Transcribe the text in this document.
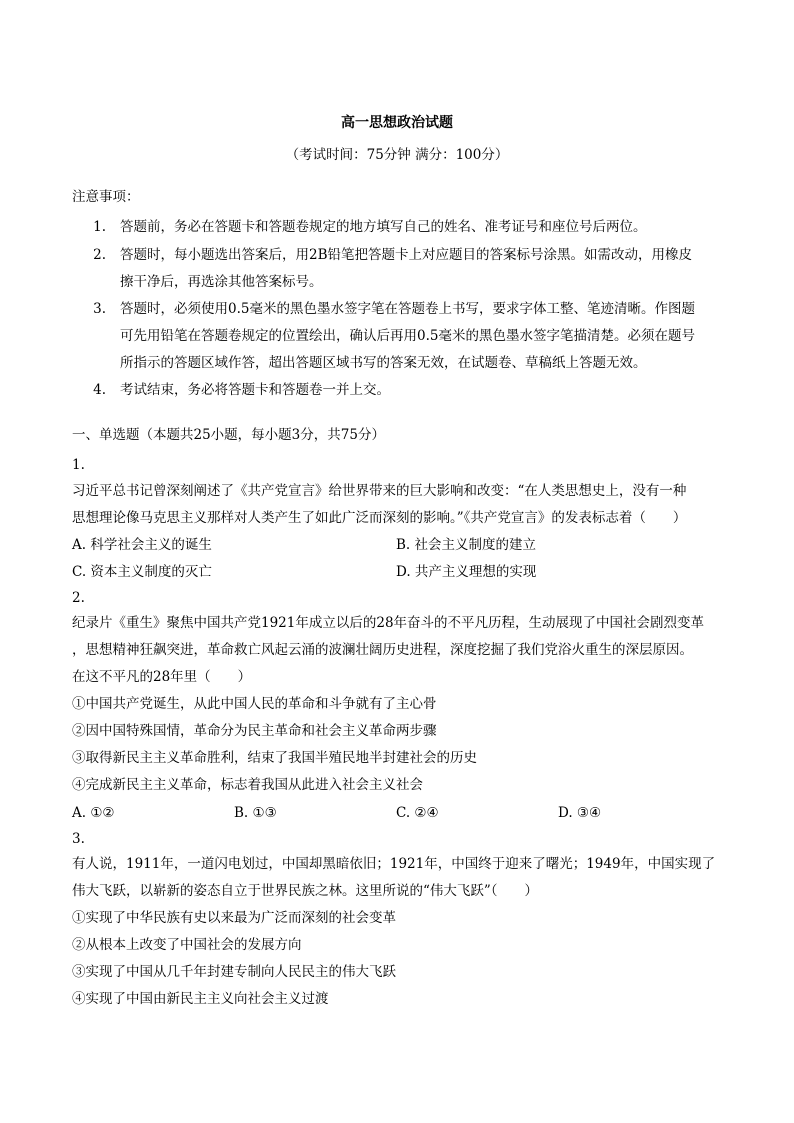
高一思想政治试题
（考试时间：75分钟 满分：100分）
注意事项：
1. 答题前，务必在答题卡和答题卷规定的地方填写自己的姓名、准考证号和座位号后两位。
2. 答题时，每小题选出答案后，用2B铅笔把答题卡上对应题目的答案标号涂黑。如需改动，用橡皮
擦干净后，再选涂其他答案标号。
3. 答题时，必须使用0.5毫米的黑色墨水签字笔在答题卷上书写，要求字体工整、笔迹清晰。作图题
可先用铅笔在答题卷规定的位置绘出，确认后再用0.5毫米的黑色墨水签字笔描清楚。必须在题号
所指示的答题区域作答，超出答题区域书写的答案无效，在试题卷、草稿纸上答题无效。
4. 考试结束，务必将答题卡和答题卷一并上交。
一、单选题（本题共25小题，每小题3分，共75分）
1.
习近平总书记曾深刻阐述了《共产党宣言》给世界带来的巨大影响和改变：“在人类思想史上，没有一种
思想理论像马克思主义那样对人类产生了如此广泛而深刻的影响。”《共产党宣言》的发表标志着（　　）
A. 科学社会主义的诞生	B. 社会主义制度的建立
C. 资本主义制度的灭亡	D. 共产主义理想的实现
2.
纪录片《重生》聚焦中国共产党1921年成立以后的28年奋斗的不平凡历程，生动展现了中国社会剧烈变革
，思想精神狂飙突进，革命救亡风起云涌的波澜壮阔历史进程，深度挖掘了我们党浴火重生的深层原因。
在这不平凡的28年里（　　）
①中国共产党诞生，从此中国人民的革命和斗争就有了主心骨
②因中国特殊国情，革命分为民主革命和社会主义革命两步骤
③取得新民主主义革命胜利，结束了我国半殖民地半封建社会的历史
④完成新民主主义革命，标志着我国从此进入社会主义社会
A. ①②	B. ①③	C. ②④	D. ③④
3.
有人说，1911年，一道闪电划过，中国却黑暗依旧；1921年，中国终于迎来了曙光；1949年，中国实现了
伟大飞跃，以崭新的姿态自立于世界民族之林。这里所说的“伟大飞跃”（　　）
①实现了中华民族有史以来最为广泛而深刻的社会变革
②从根本上改变了中国社会的发展方向
③实现了中国从几千年封建专制向人民民主的伟大飞跃
④实现了中国由新民主主义向社会主义过渡
